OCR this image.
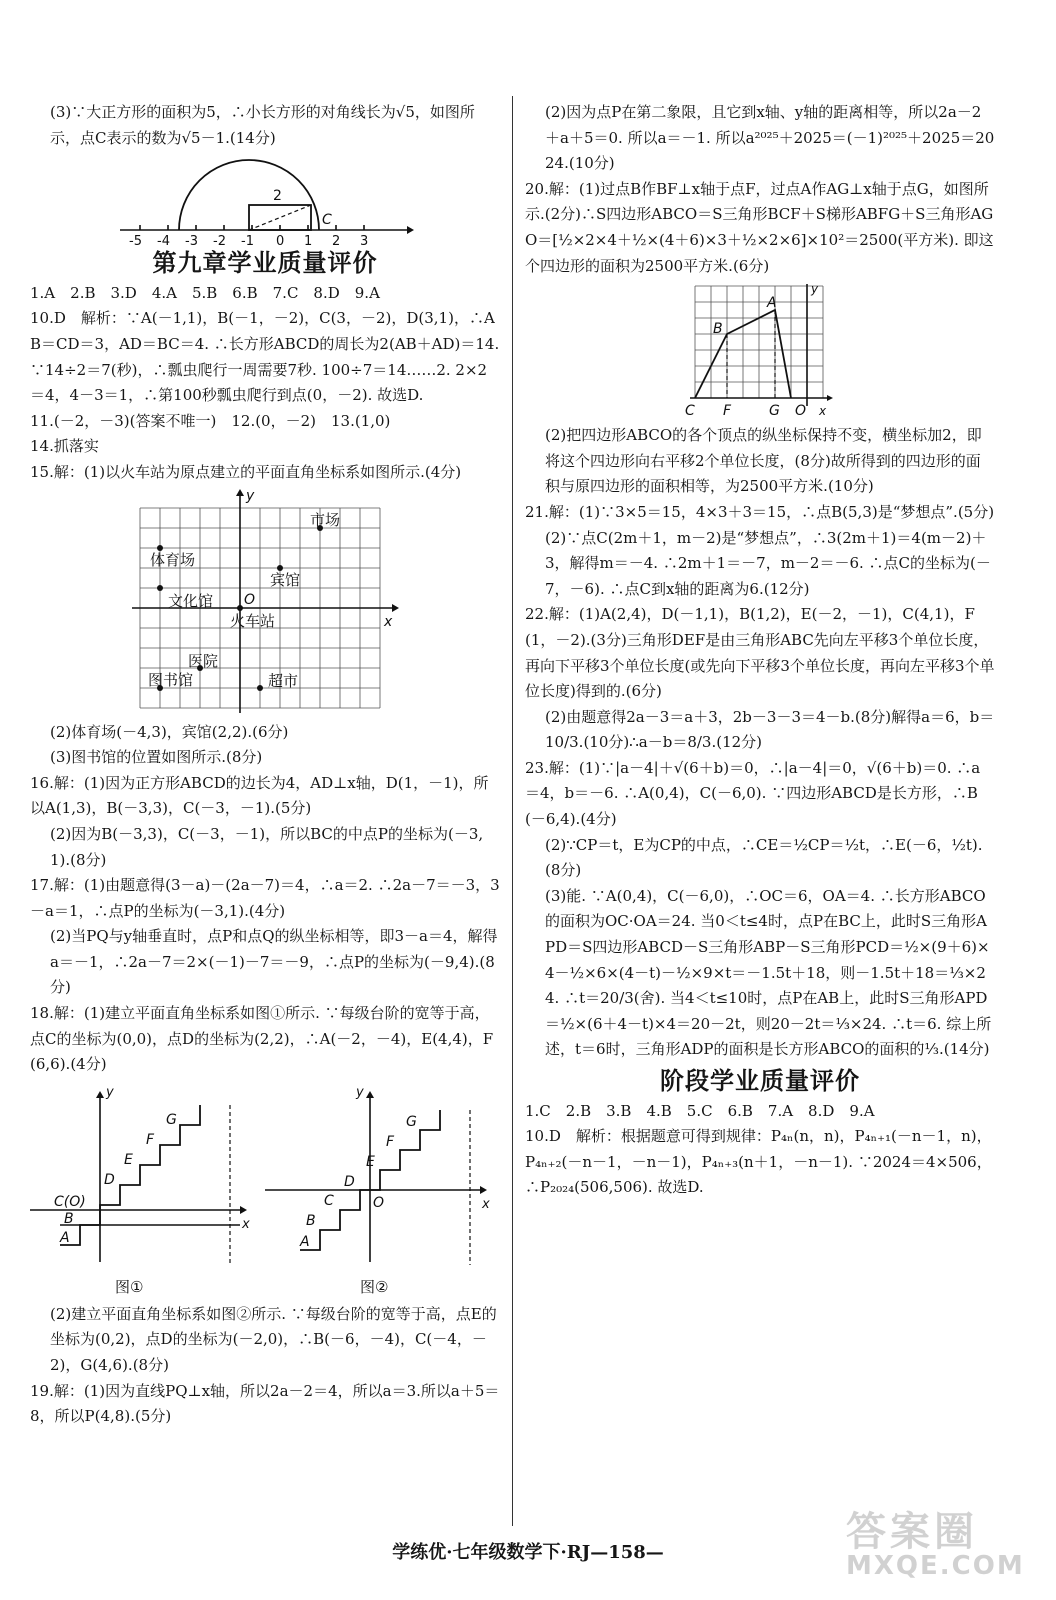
(3)∵大正方形的面积为5，∴小长方形的对角线长为√5，如图所示，点C表示的数为√5－1.(14分)

-5 -4 -3 -2 -1 0 1 2 3
2
C
第九章学业质量评价

1.A　2.B　3.D　4.A　5.B　6.B　7.C　8.D　9.A

10.D　解析：∵A(－1,1)，B(－1，－2)，C(3，－2)，D(3,1)，∴AB＝CD＝3，AD＝BC＝4. ∴长方形ABCD的周长为2(AB＋AD)＝14. ∵14÷2＝7(秒)，∴瓢虫爬行一周需要7秒. 100÷7＝14……2. 2×2＝4，4－3＝1，∴第100秒瓢虫爬行到点(0，－2). 故选D.

11.(－2，－3)(答案不唯一)　12.(0，－2)　13.(1,0)

14.抓落实

15.解：(1)以火车站为原点建立的平面直角坐标系如图所示.(4分)

y
x
O
体育场
市场
宾馆
文化馆
火车站
医院
图书馆	超市

(2)体育场(－4,3)，宾馆(2,2).(6分)

(3)图书馆的位置如图所示.(8分)

16.解：(1)因为正方形ABCD的边长为4，AD⊥x轴，D(1，－1)，所以A(1,3)，B(－3,3)，C(－3，－1).(5分)

(2)因为B(－3,3)，C(－3，－1)，所以BC的中点P的坐标为(－3,1).(8分)

17.解：(1)由题意得(3－a)－(2a－7)＝4，∴a＝2. ∴2a－7＝－3，3－a＝1，∴点P的坐标为(－3,1).(4分)

(2)当PQ与y轴垂直时，点P和点Q的纵坐标相等，即3－a＝4，解得a＝－1，∴2a－7＝2×(－1)－7＝－9，∴点P的坐标为(－9,4).(8分)

18.解：(1)建立平面直角坐标系如图①所示. ∵每级台阶的宽等于高，点C的坐标为(0,0)，点D的坐标为(2,2)，∴A(－2，－4)，E(4,4)，F(6,6).(4分)

y
x
C(O)
A
B
D
E
F
G
图①
y
x
O
A
B
C
D
E
F
G
图②

(2)建立平面直角坐标系如图②所示. ∵每级台阶的宽等于高，点E的坐标为(0,2)，点D的坐标为(－2,0)，∴B(－6，－4)，C(－4，－2)，G(4,6).(8分)

19.解：(1)因为直线PQ⊥x轴，所以2a－2＝4，所以a＝3.所以a＋5＝8，所以P(4,8).(5分)

(2)因为点P在第二象限，且它到x轴、y轴的距离相等，所以2a－2＋a＋5＝0. 所以a＝－1. 所以a²⁰²⁵＋2025＝(－1)²⁰²⁵＋2025＝2024.(10分)

20.解：(1)过点B作BF⊥x轴于点F，过点A作AG⊥x轴于点G，如图所示.(2分)∴S四边形ABCO＝S三角形BCF＋S梯形ABFG＋S三角形AGO＝[½×2×4＋½×(4＋6)×3＋½×2×6]×10²＝2500(平方米). 即这个四边形的面积为2500平方米.(6分)

A
B
C F	G O x
y

(2)把四边形ABCO的各个顶点的纵坐标保持不变，横坐标加2，即将这个四边形向右平移2个单位长度，(8分)故所得到的四边形的面积与原四边形的面积相等，为2500平方米.(10分)

21.解：(1)∵3×5＝15，4×3＋3＝15，∴点B(5,3)是“梦想点”.(5分)

(2)∵点C(2m＋1，m－2)是“梦想点”，∴3(2m＋1)＝4(m－2)＋3，解得m＝－4. ∴2m＋1＝－7，m－2＝－6. ∴点C的坐标为(－7，－6). ∴点C到x轴的距离为6.(12分)

22.解：(1)A(2,4)，D(－1,1)，B(1,2)，E(－2，－1)，C(4,1)，F(1，－2).(3分)三角形DEF是由三角形ABC先向左平移3个单位长度，再向下平移3个单位长度(或先向下平移3个单位长度，再向左平移3个单位长度)得到的.(6分)

(2)由题意得2a－3＝a＋3，2b－3－3＝4－b.(8分)解得a＝6，b＝10/3.(10分)∴a－b＝8/3.(12分)

23.解：(1)∵|a－4|＋√(6＋b)＝0，∴|a－4|＝0，√(6＋b)＝0. ∴a＝4，b＝－6. ∴A(0,4)，C(－6,0). ∵四边形ABCD是长方形，∴B(－6,4).(4分)

(2)∵CP＝t，E为CP的中点，∴CE＝½CP＝½t，∴E(－6，½t).(8分)

(3)能. ∵A(0,4)，C(－6,0)，∴OC＝6，OA＝4. ∴长方形ABCO的面积为OC·OA＝24. 当0＜t≤4时，点P在BC上，此时S三角形APD＝S四边形ABCD－S三角形ABP－S三角形PCD＝½×(9＋6)×4－½×6×(4－t)－½×9×t＝－1.5t＋18，则－1.5t＋18＝⅓×24. ∴t＝20/3(舍). 当4＜t≤10时，点P在AB上，此时S三角形APD＝½×(6＋4－t)×4＝20－2t，则20－2t＝⅓×24. ∴t＝6. 综上所述，t＝6时，三角形ADP的面积是长方形ABCO的面积的⅓.(14分)

阶段学业质量评价

1.C　2.B　3.B　4.B　5.C　6.B　7.A　8.D　9.A

10.D　解析：根据题意可得到规律：P₄ₙ(n，n)，P₄ₙ₊₁(－n－1，n)，P₄ₙ₊₂(－n－1，－n－1)，P₄ₙ₊₃(n＋1，－n－1). ∵2024＝4×506，∴P₂₀₂₄(506,506). 故选D.

学练优·七年级数学下·RJ—158—	答案圈
MXQE.COM
